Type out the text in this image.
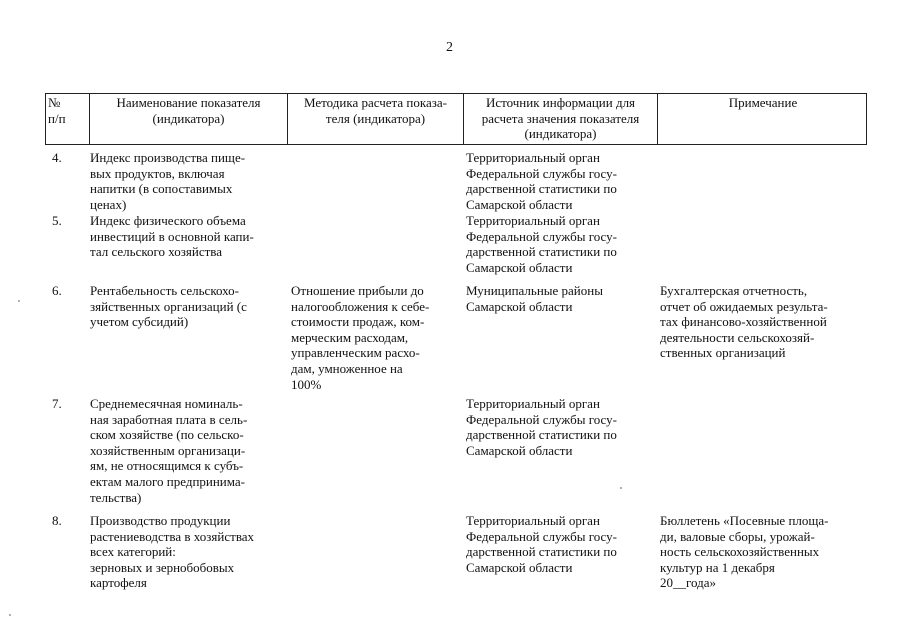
2
№
п/п
Наименование показателя
(индикатора)
Методика расчета показа-
теля (индикатора)
Источник информации для
расчета значения показателя
(индикатора)
Примечание
4. Индекс производства пище-
вых продуктов, включая
напитки (в сопоставимых
ценах)
Территориальный орган
Федеральной службы госу-
дарственной статистики по
Самарской области
5. Индекс физического объема
инвестиций в основной капи-
тал сельского хозяйства
Территориальный орган
Федеральной службы госу-
дарственной статистики по
Самарской области
6. Рентабельность сельскохо-
зяйственных организаций (с
учетом субсидий)
Отношение прибыли до
налогообложения к себе-
стоимости продаж, ком-
мерческим расходам,
управленческим расхо-
дам, умноженное на
100%
Муниципальные районы
Самарской области
Бухгалтерская отчетность,
отчет об ожидаемых результа-
тах финансово-хозяйственной
деятельности сельскохозяй-
ственных организаций
7. Среднемесячная номиналь-
ная заработная плата в сель-
ском хозяйстве (по сельско-
хозяйственным организаци-
ям, не относящимся к субъ-
ектам малого предпринима-
тельства)
Территориальный орган
Федеральной службы госу-
дарственной статистики по
Самарской области
8. Производство продукции
растениеводства в хозяйствах
всех категорий:
зерновых и зернобобовых
картофеля
Территориальный орган
Федеральной службы госу-
дарственной статистики по
Самарской области
Бюллетень «Посевные площа-
ди, валовые сборы, урожай-
ность сельскохозяйственных
культур на 1 декабря
20__года»
